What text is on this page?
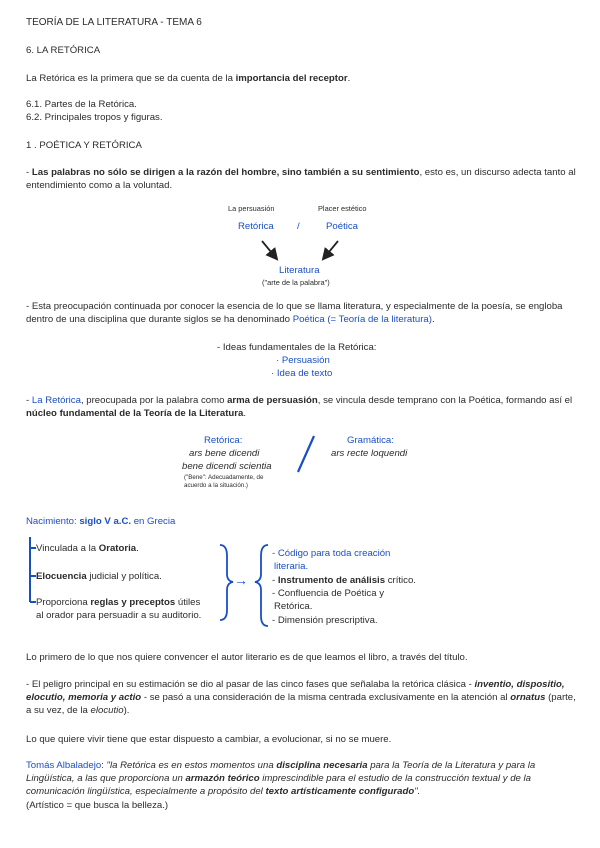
TEORÍA DE LA LITERATURA - TEMA 6

6. LA RETÓRICA

La Retórica es la primera que se da cuenta de la importancia del receptor.

6.1. Partes de la Retórica.

6.2. Principales tropos y figuras.

1 . POÉTICA Y RETÓRICA

- Las palabras no sólo se dirigen a la razón del hombre, sino también a su sentimiento, esto es, un discurso adecta tanto al entendimiento como a la voluntad.

La persuasión	Placer estético

Retórica /	Poética

Literatura

("arte de la palabra")

- Esta preocupación continuada por conocer la esencia de lo que se llama literatura, y especialmente de la poesía, se engloba dentro de una disciplina que durante siglos se ha denominado Poética (= Teoría de la literatura).

- Ideas fundamentales de la Retórica:

· Persuasión

· Idea de texto

- La Retórica, preocupada por la palabra como arma de persuasión, se vincula desde temprano con la Poética, formando así el núcleo fundamental de la Teoría de la Literatura.

Retórica:

ars bene dicendi

bene dicendi scientia

("Bene": Adecuadamente, de acuerdo a la situación.)

Gramática:

ars recte loquendi

Nacimiento: siglo V a.C. en Grecia

Vinculada a la Oratoria.

Elocuencia judicial y política.

Proporciona reglas y preceptos útiles

al orador para persuadir a su auditorio.

→

- Código para toda creación

literaria.

- Instrumento de análisis crítico.

- Confluencia de Poética y

Retórica.

- Dimensión prescriptiva.

Lo primero de lo que nos quiere convencer el autor literario es de que leamos el libro, a través del título.

- El peligro principal en su estimación se dio al pasar de las cinco fases que señalaba la retórica clásica - inventio, dispositio, elocutio, memoria y actio - se pasó a una consideración de la misma centrada exclusivamente en la atención al ornatus (parte, a su vez, de la elocutio).

Lo que quiere vivir tiene que estar dispuesto a cambiar, a evolucionar, si no se muere.

Tomás Albaladejo: "la Retórica es en estos momentos una disciplina necesaria para la Teoría de la Literatura y para la Lingüística, a las que proporciona un armazón teórico imprescindible para el estudio de la construcción textual y de la comunicación lingüística, especialmente a propósito del texto artísticamente configurado".

(Artístico = que busca la belleza.)
